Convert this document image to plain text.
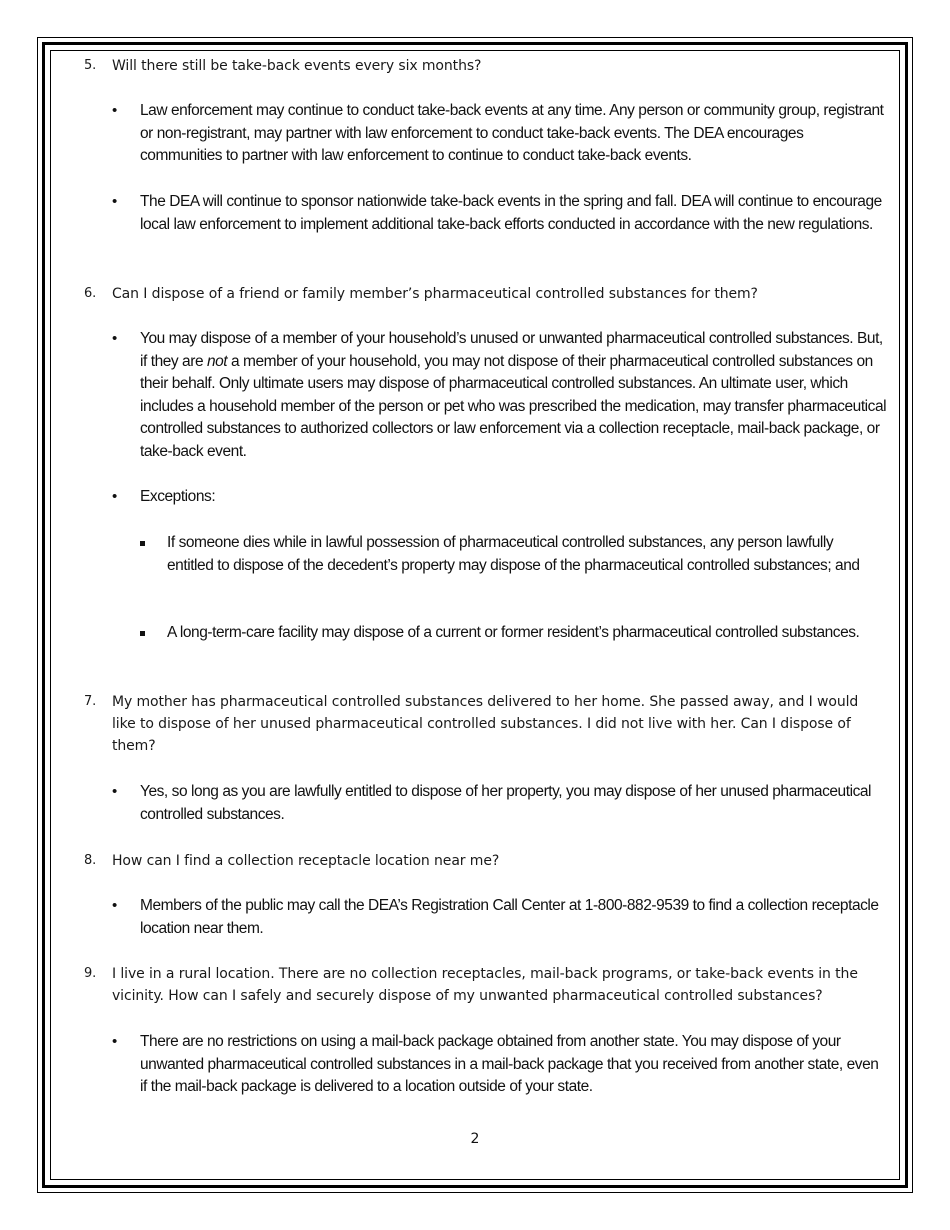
5.	Will there still be take-back events every six months?
•	Law enforcement may continue to conduct take-back events at any time. Any person or community group, registrant or non-registrant, may partner with law enforcement to conduct take-back events. The DEA encourages communities to partner with law enforcement to continue to conduct take-back events.
•	The DEA will continue to sponsor nationwide take-back events in the spring and fall. DEA will continue to encourage local law enforcement to implement additional take-back efforts conducted in accordance with the new regulations.
6.	Can I dispose of a friend or family member’s pharmaceutical controlled substances for them?
•	You may dispose of a member of your household’s unused or unwanted pharmaceutical controlled substances. But, if they are not a member of your household, you may not dispose of their pharmaceutical controlled substances on their behalf. Only ultimate users may dispose of pharmaceutical controlled substances. An ultimate user, which includes a household member of the person or pet who was prescribed the medication, may transfer pharmaceutical controlled substances to authorized collectors or law enforcement via a collection receptacle, mail-back package, or take-back event.
•	Exceptions:
If someone dies while in lawful possession of pharmaceutical controlled substances, any person lawfully entitled to dispose of the decedent’s property may dispose of the pharmaceutical controlled substances; and
A long-term-care facility may dispose of a current or former resident’s pharmaceutical controlled substances.
7.	My mother has pharmaceutical controlled substances delivered to her home. She passed away, and I would like to dispose of her unused pharmaceutical controlled substances. I did not live with her. Can I dispose of them?
•	Yes, so long as you are lawfully entitled to dispose of her property, you may dispose of her unused pharmaceutical controlled substances.
8.	How can I find a collection receptacle location near me?
•	Members of the public may call the DEA’s Registration Call Center at 1-800-882-9539 to find a collection receptacle location near them.
9.	I live in a rural location. There are no collection receptacles, mail-back programs, or take-back events in the vicinity. How can I safely and securely dispose of my unwanted pharmaceutical controlled substances?
•	There are no restrictions on using a mail-back package obtained from another state. You may dispose of your unwanted pharmaceutical controlled substances in a mail-back package that you received from another state, even if the mail-back package is delivered to a location outside of your state.
2
